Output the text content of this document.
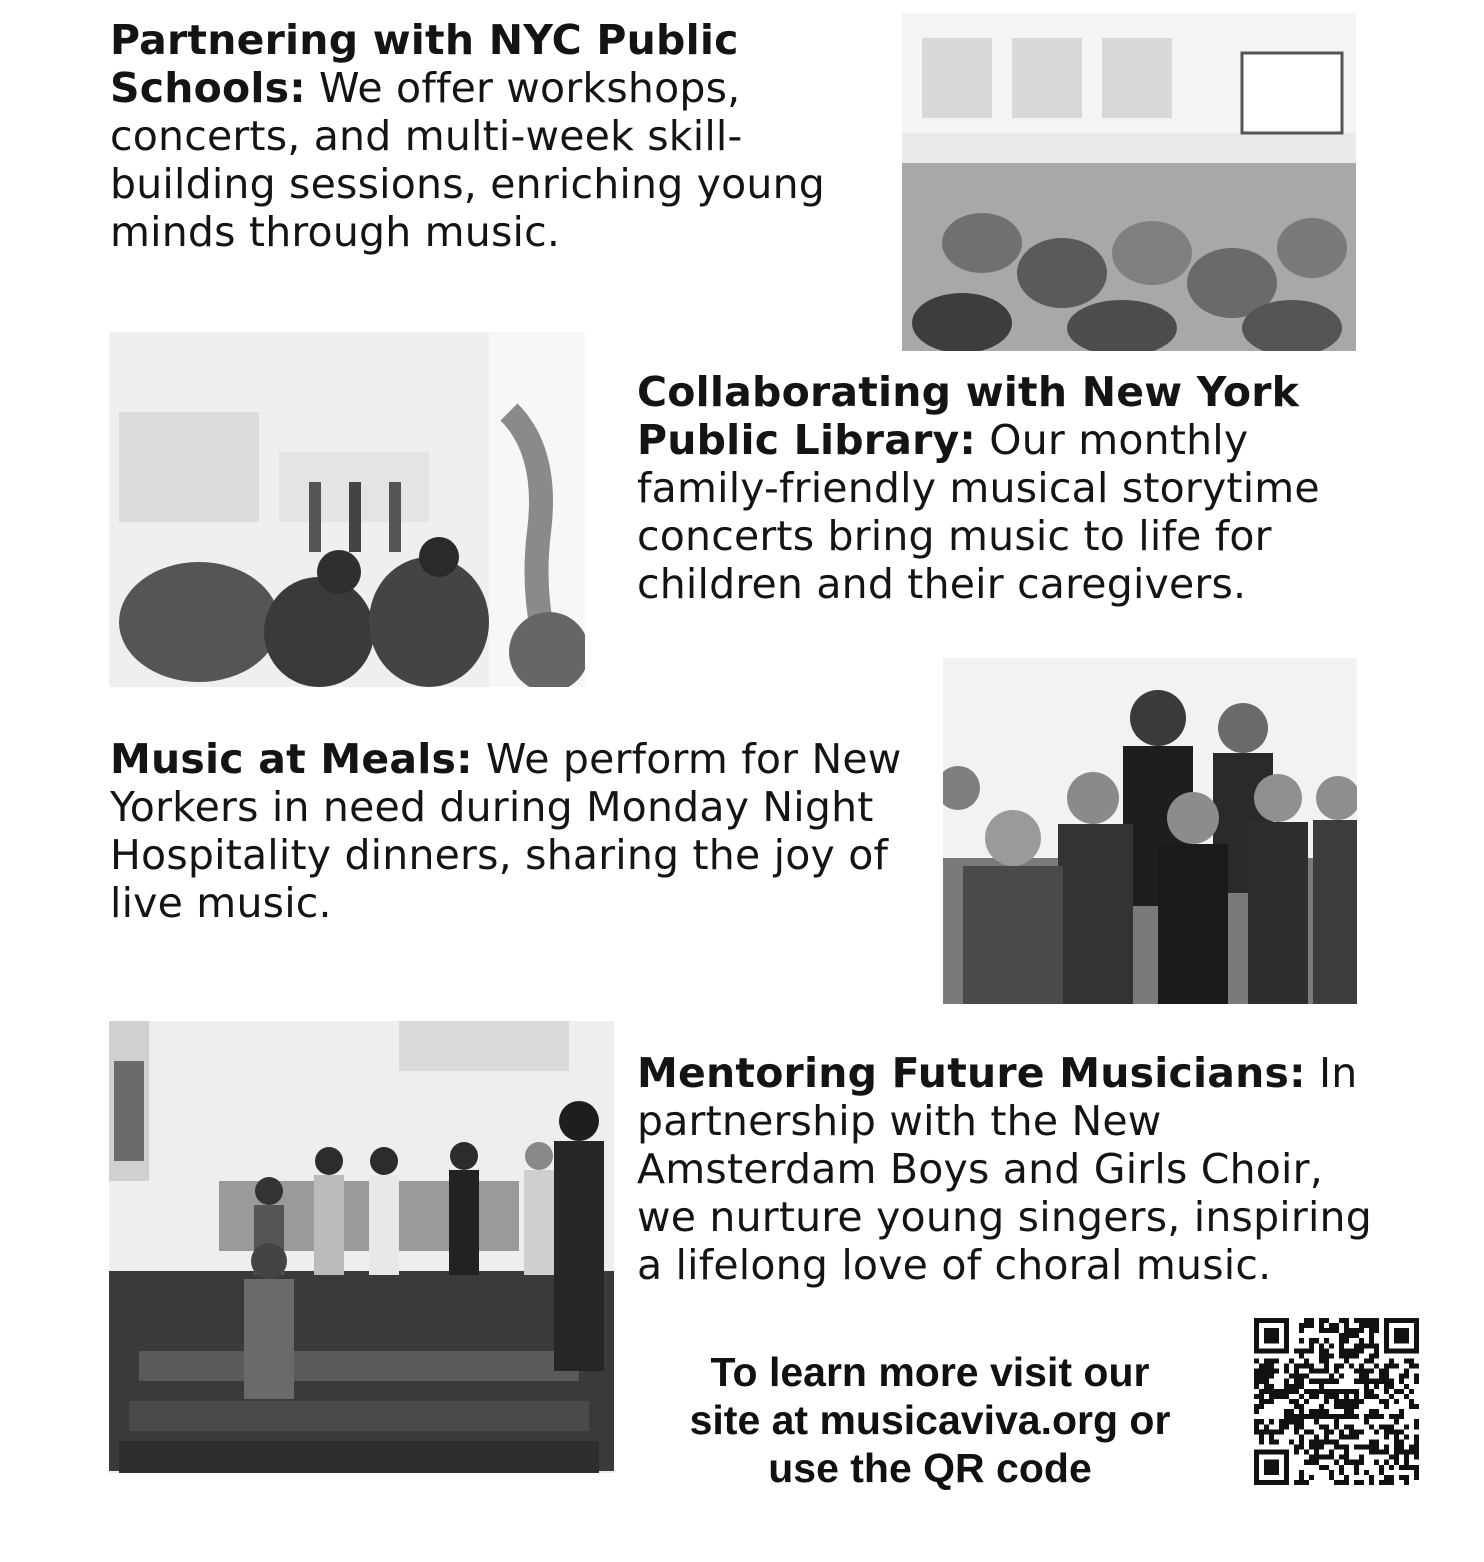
Partnering with NYC Public Schools: We offer workshops, concerts, and multi-week skill-building sessions, enriching young minds through music.
Collaborating with New York Public Library: Our monthly family-friendly musical storytime concerts bring music to life for children and their caregivers.
Music at Meals: We perform for New Yorkers in need during Monday Night Hospitality dinners, sharing the joy of live music.
Mentoring Future Musicians: In partnership with the New Amsterdam Boys and Girls Choir, we nurture young singers, inspiring a lifelong love of choral music.
To learn more visit our
site at musicaviva.org or
use the QR code
